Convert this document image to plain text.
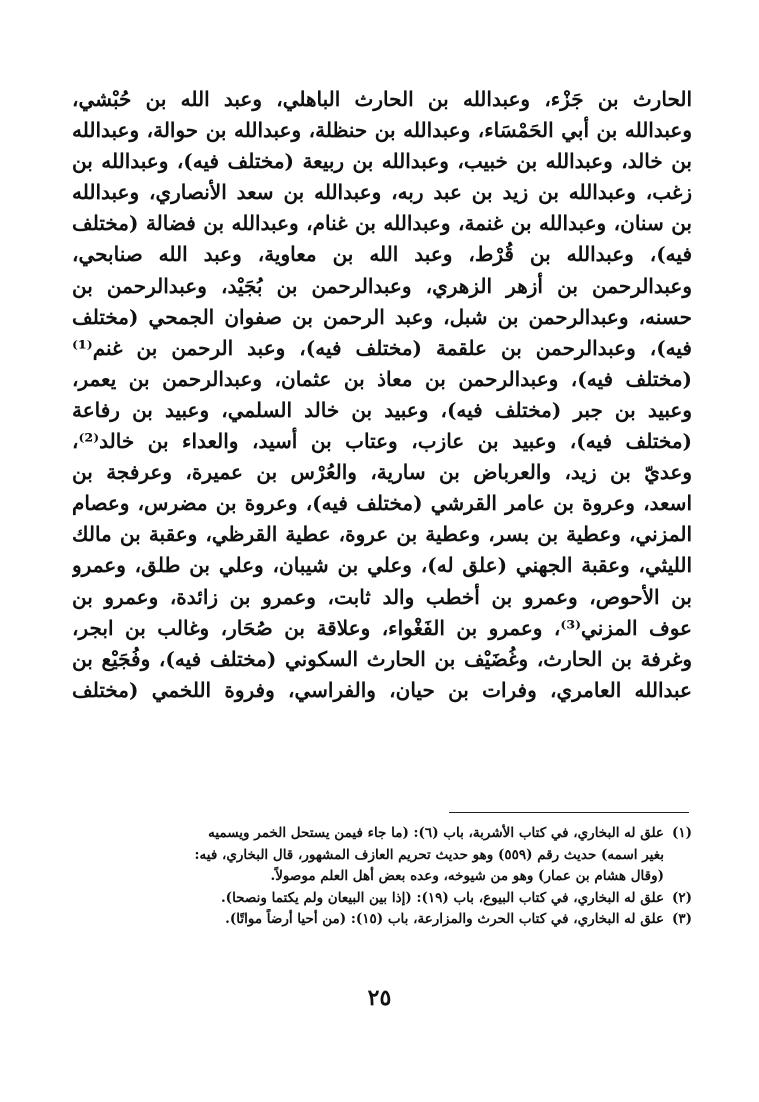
الحارث بن جَزْء، وعبدالله بن الحارث الباهلي، وعبد الله بن حُبْشي،
وعبدالله بن أبي الحَمْسَاء، وعبدالله بن حنظلة، وعبدالله بن حوالة، وعبدالله
بن خالد، وعبدالله بن خبيب، وعبدالله بن ربيعة (مختلف فيه)، وعبدالله بن
زغب، وعبدالله بن زيد بن عبد ربه، وعبدالله بن سعد الأنصاري، وعبدالله
بن سنان، وعبدالله بن غنمة، وعبدالله بن غنام، وعبدالله بن فضالة (مختلف
فيه)، وعبدالله بن قُرْط، وعبد الله بن معاوية، وعبد الله صنابحي،
وعبدالرحمن بن أزهر الزهري، وعبدالرحمن بن بُجَيْد، وعبدالرحمن بن
حسنه، وعبدالرحمن بن شبل، وعبد الرحمن بن صفوان الجمحي (مختلف
فيه)، وعبدالرحمن بن علقمة (مختلف فيه)، وعبد الرحمن بن غنم⁽¹⁾
(مختلف فيه)، وعبدالرحمن بن معاذ بن عثمان، وعبدالرحمن بن يعمر،
وعبيد بن جبر (مختلف فيه)، وعبيد بن خالد السلمي، وعبيد بن رفاعة
(مختلف فيه)، وعبيد بن عازب، وعتاب بن أسيد، والعداء بن خالد⁽²⁾،
وعديّ بن زيد، والعرباض بن سارية، والعُرْس بن عميرة، وعرفجة بن
اسعد، وعروة بن عامر القرشي (مختلف فيه)، وعروة بن مضرس، وعصام
المزني، وعطية بن بسر، وعطية بن عروة، عطية القرظي، وعقبة بن مالك
الليثي، وعقبة الجهني (علق له)، وعلي بن شيبان، وعلي بن طلق، وعمرو
بن الأحوص، وعمرو بن أخطب والد ثابت، وعمرو بن زائدة، وعمرو بن
عوف المزني⁽³⁾، وعمرو بن الفَغْواء، وعلاقة بن صُحَار، وغالب بن ابجر،
وغرفة بن الحارث، وغُضَيْف بن الحارث السكوني (مختلف فيه)، وفُجَيْع بن
عبدالله العامري، وفرات بن حيان، والفراسي، وفروة اللخمي (مختلف
(١)علق له البخاري، في كتاب الأشربة، باب (٦): (ما جاء فيمن يستحل الخمر ويسميه
بغير اسمه) حديث رقم (٥٥٩) وهو حديث تحريم العازف المشهور، قال البخاري، فيه:
(وقال هشام بن عمار) وهو من شيوخه، وعده بعض أهل العلم موصولاً.
(٢)علق له البخاري، في كتاب البيوع، باب (١٩): (إذا بين البيعان ولم يكتما ونصحا).
(٣)علق له البخاري، في كتاب الحرث والمزارعة، باب (١٥): (من أحيا أرضاً مواتًا).
٢٥
